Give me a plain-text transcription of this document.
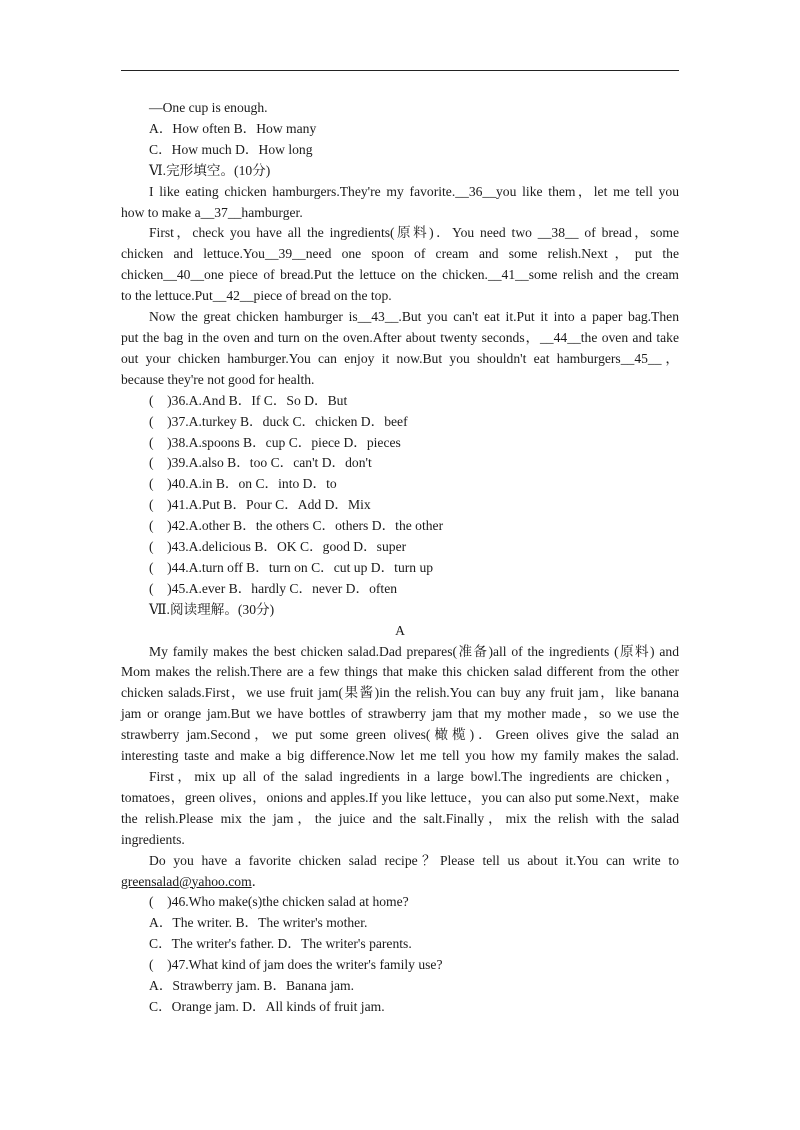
—One cup is enough.

A．How often B．How many

C．How much D．How long

Ⅵ.完形填空。(10分)

I like eating chicken hamburgers.They're my favorite.__36__you like them，let me tell you

how to make a__37__hamburger.

First，check you have all the ingredients(原料)．You need two __38__ of bread，some

chicken and lettuce.You__39__need one spoon of cream and some relish.Next，put the

chicken__40__one piece of bread.Put the lettuce on the chicken.__41__some relish and the cream

to the lettuce.Put__42__piece of bread on the top.

Now the great chicken hamburger is__43__.But you can't eat it.Put it into a paper bag.Then

put the bag in the oven and turn on the oven.After about twenty seconds，__44__the oven and take

out your chicken hamburger.You can enjoy it now.But you shouldn't eat hamburgers__45__，

because they're not good for health.

(　)36.A.And B．If C．So D．But

(　)37.A.turkey B．duck C．chicken D．beef

(　)38.A.spoons B．cup C．piece D．pieces

(　)39.A.also B．too C．can't D．don't

(　)40.A.in B．on C．into D．to

(　)41.A.Put B．Pour C．Add D．Mix

(　)42.A.other B．the others C．others D．the other

(　)43.A.delicious B．OK C．good D．super

(　)44.A.turn off B．turn on C．cut up D．turn up

(　)45.A.ever B．hardly C．never D．often

Ⅶ.阅读理解。(30分)

A

My family makes the best chicken salad.Dad prepares(准备)all of the ingredients (原料) and

Mom makes the relish.There are a few things that make this chicken salad different from the other

chicken salads.First，we use fruit jam(果酱)in the relish.You can buy any fruit jam，like banana

jam or orange jam.But we have bottles of strawberry jam that my mother made，so we use the

strawberry jam.Second，we put some green olives(橄榄)．Green olives give the salad an

interesting taste and make a big difference.Now let me tell you how my family makes the salad.

First，mix up all of the salad ingredients in a large bowl.The ingredients are chicken，

tomatoes，green olives，onions and apples.If you like lettuce，you can also put some.Next，make

the relish.Please mix the jam，the juice and the salt.Finally，mix the relish with the salad

ingredients.

Do you have a favorite chicken salad recipe？Please tell us about it.You can write to

greensalad@yahoo.com．

(　)46.Who make(s)the chicken salad at home?

A．The writer. B．The writer's mother.

C．The writer's father. D．The writer's parents.

(　)47.What kind of jam does the writer's family use?

A．Strawberry jam. B．Banana jam.

C．Orange jam. D．All kinds of fruit jam.
